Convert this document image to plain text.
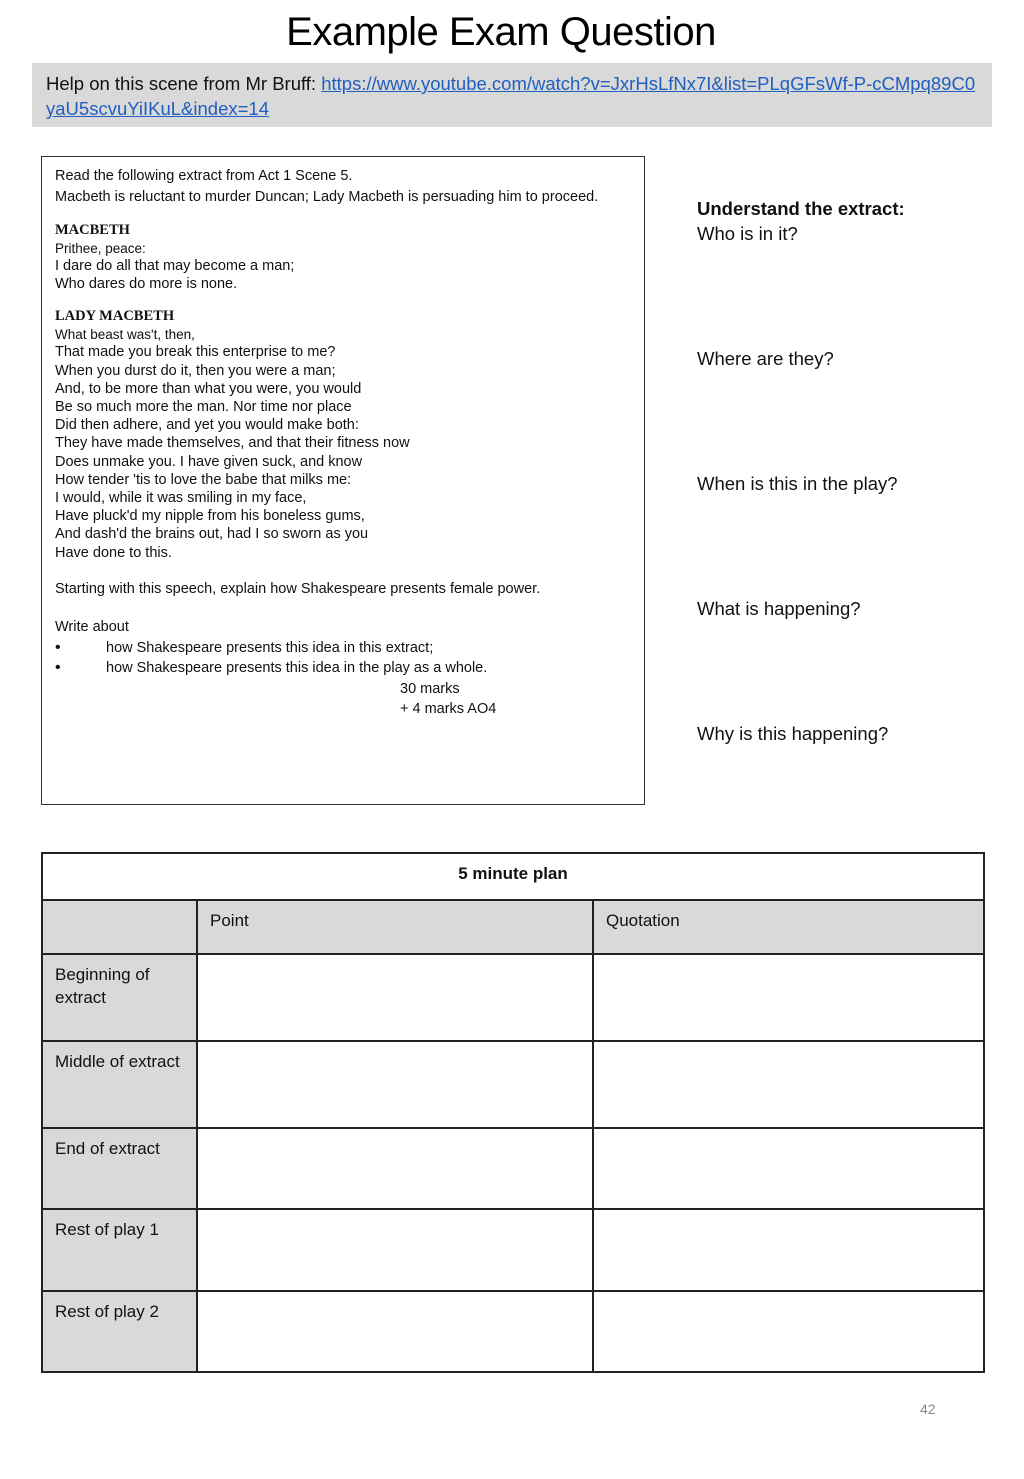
Example Exam Question
Help on this scene from Mr Bruff: https://www.youtube.com/watch?v=JxrHsLfNx7I&list=PLqGFsWf-P-cCMpq89C0yaU5scvuYiIKuL&index=14

Read the following extract from Act 1 Scene 5.

Macbeth is reluctant to murder Duncan; Lady Macbeth is persuading him to proceed.

MACBETH

Prithee, peace:

I dare do all that may become a man;

Who dares do more is none.

LADY MACBETH

What beast was't, then,

That made you break this enterprise to me?

When you durst do it, then you were a man;

And, to be more than what you were, you would

Be so much more the man. Nor time nor place

Did then adhere, and yet you would make both:

They have made themselves, and that their fitness now

Does unmake you. I have given suck, and know

How tender 'tis to love the babe that milks me:

I would, while it was smiling in my face,

Have pluck'd my nipple from his boneless gums,

And dash'd the brains out, had I so sworn as you

Have done to this.

Starting with this speech, explain how Shakespeare presents female power.

Write about

•	how Shakespeare presents this idea in this extract;
•	how Shakespeare presents this idea in the play as a whole.

30 marks

+ 4 marks AO4

Understand the extract:
Who is in it?
Where are they?
When is this in the play?
What is happening?
Why is this happening?
5 minute plan		
	Point	Quotation
Beginning of extract		
Middle of extract		
End of extract		
Rest of play 1		
Rest of play 2		
42
